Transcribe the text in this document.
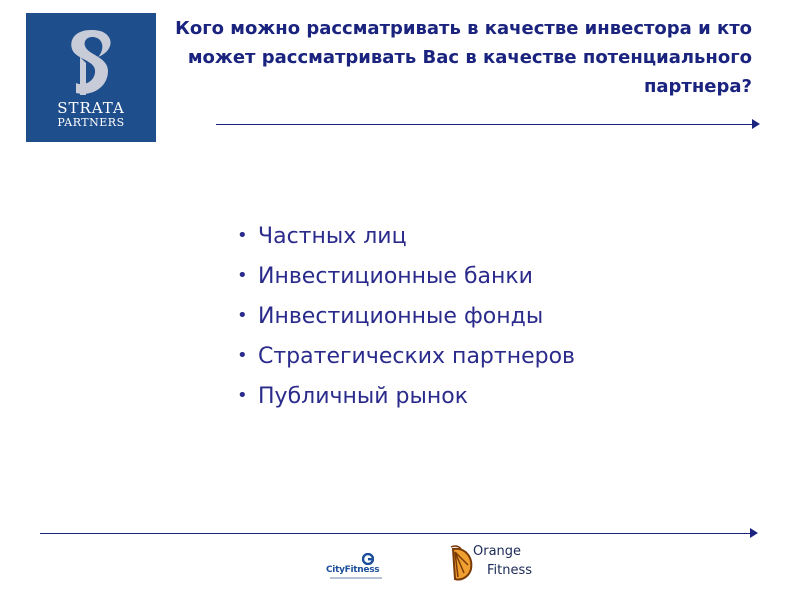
STRATA
PARTNERS
Кого можно рассматривать в качестве инвестора и кто может рассматривать Вас в качестве потенциального партнера?
• Частных лиц
• Инвестиционные банки
• Инвестиционные фонды
• Стратегических партнеров
• Публичный рынок
CityFitness
Orange
Fitness
